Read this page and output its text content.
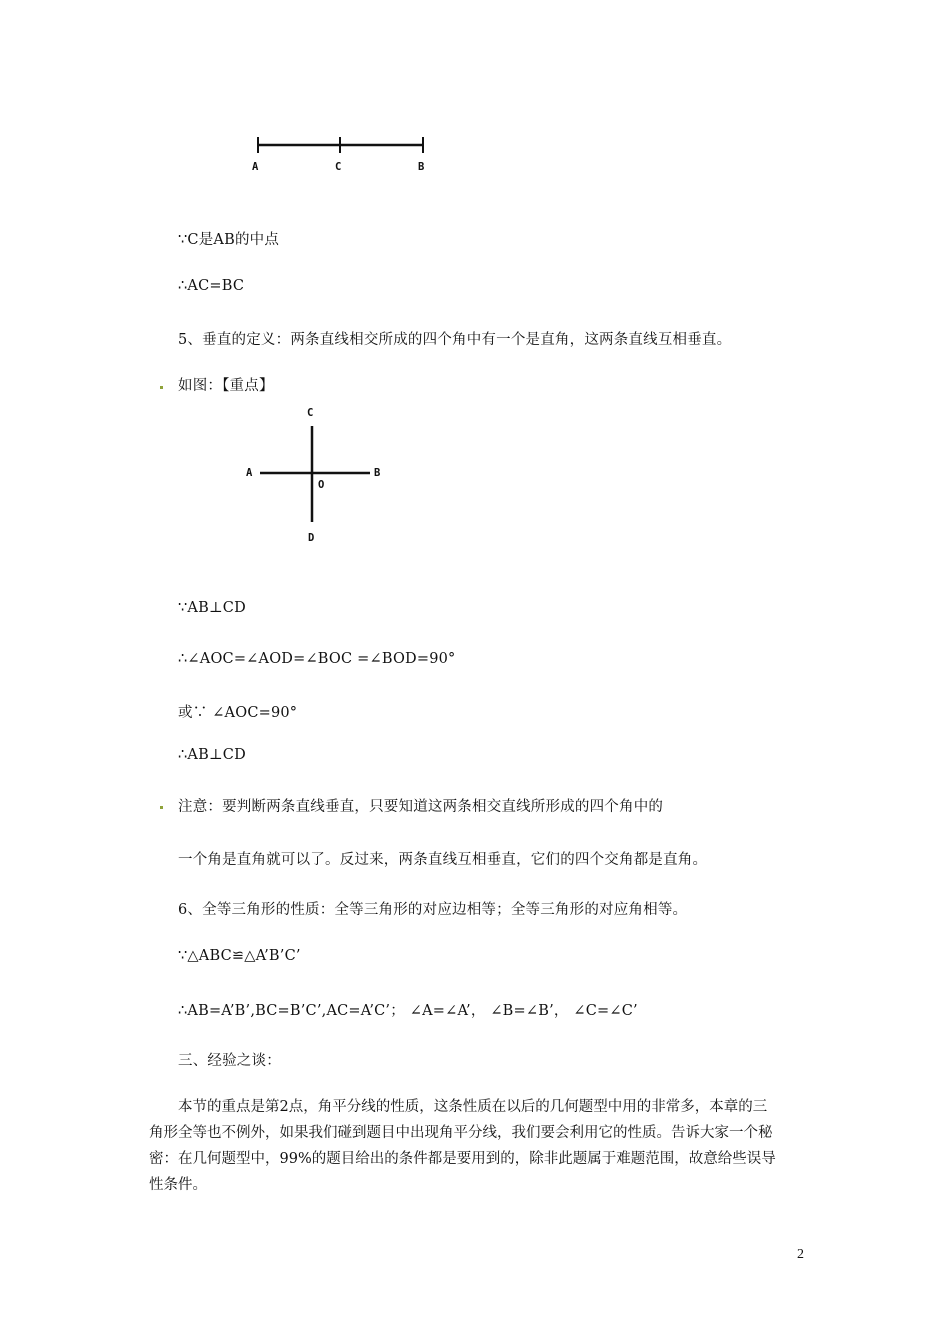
A	C	B
∵C是AB的中点
∴AC=BC
5、垂直的定义：两条直线相交所成的四个角中有一个是直角，这两条直线互相垂直。
如图：【重点】
C
A	B
O
D
∵AB⊥CD
∴∠AOC=∠AOD=∠BOC =∠BOD=90°
或∵ ∠AOC=90°
∴AB⊥CD
注意：要判断两条直线垂直，只要知道这两条相交直线所形成的四个角中的
一个角是直角就可以了。反过来，两条直线互相垂直，它们的四个交角都是直角。
6、全等三角形的性质：全等三角形的对应边相等；全等三角形的对应角相等。
∵△ABC≌△A’B’C’
∴AB=A’B’,BC=B’C’,AC=A’C’； ∠A=∠A’， ∠B=∠B’， ∠C=∠C’
三、经验之谈：
本节的重点是第2点，角平分线的性质，这条性质在以后的几何题型中用的非常多，本章的三角形全等也不例外，如果我们碰到题目中出现角平分线，我们要会利用它的性质。告诉大家一个秘密：在几何题型中，99%的题目给出的条件都是要用到的，除非此题属于难题范围，故意给些误导性条件。
2
